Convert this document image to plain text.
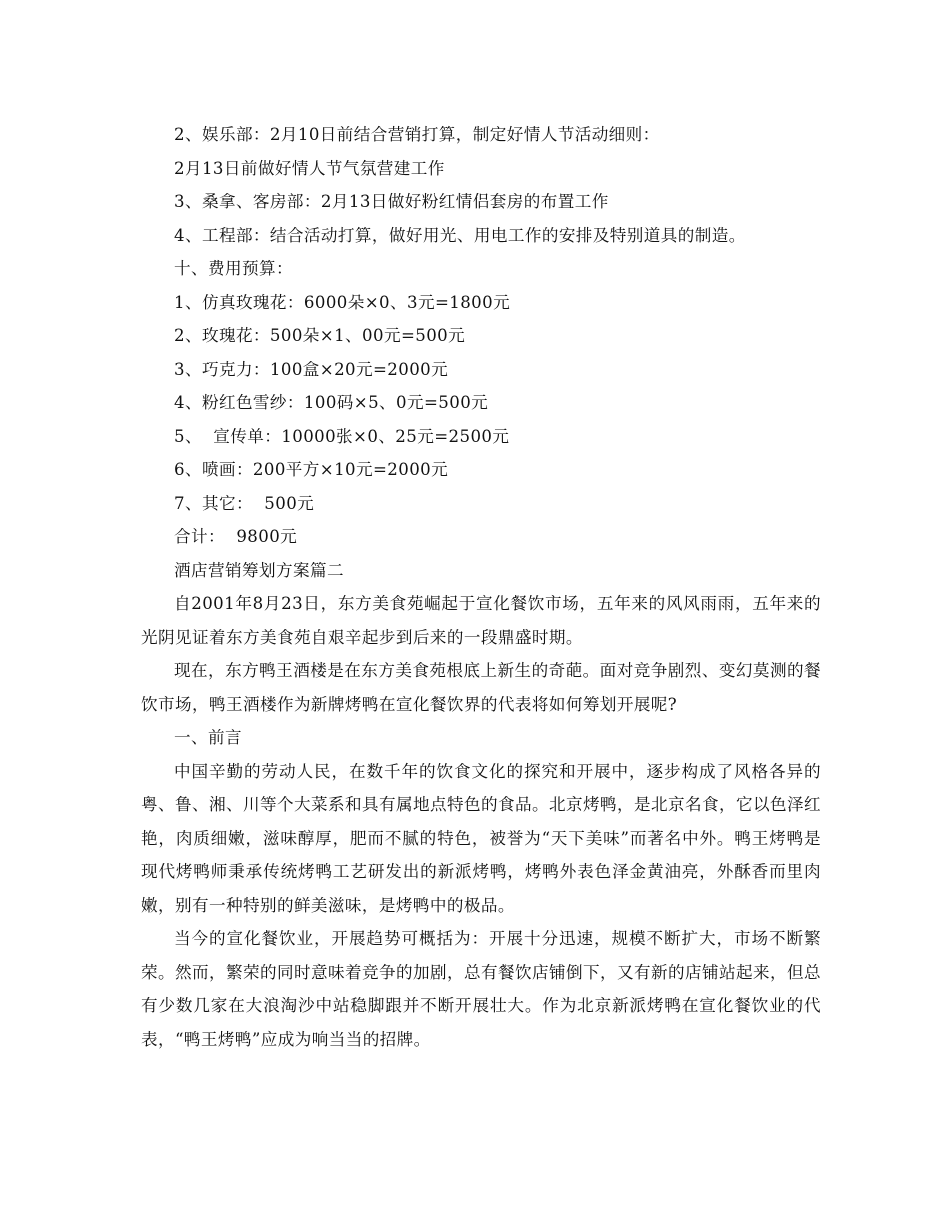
2、娱乐部：2月10日前结合营销打算，制定好情人节活动细则：
2月13日前做好情人节气氛营建工作
3、桑拿、客房部：2月13日做好粉红情侣套房的布置工作
4、工程部：结合活动打算，做好用光、用电工作的安排及特别道具的制造。
十、费用预算：
1、仿真玫瑰花：6000朵×0、3元=1800元
2、玫瑰花：500朵×1、00元=500元
3、巧克力：100盒×20元=2000元
4、粉红色雪纱：100码×5、0元=500元
5、  宣传单：10000张×0、25元=2500元
6、喷画：200平方×10元=2000元
7、其它：  500元
合计：  9800元
酒店营销筹划方案篇二

自2001年8月23日，东方美食苑崛起于宣化餐饮市场，五年来的风风雨雨，五年来的光阴见证着东方美食苑自艰辛起步到后来的一段鼎盛时期。

现在，东方鸭王酒楼是在东方美食苑根底上新生的奇葩。面对竞争剧烈、变幻莫测的餐饮市场，鸭王酒楼作为新牌烤鸭在宣化餐饮界的代表将如何筹划开展呢?

一、前言

中国辛勤的劳动人民，在数千年的饮食文化的探究和开展中，逐步构成了风格各异的粤、鲁、湘、川等个大菜系和具有属地点特色的食品。北京烤鸭，是北京名食，它以色泽红艳，肉质细嫩，滋味醇厚，肥而不腻的特色，被誉为“天下美味”而著名中外。鸭王烤鸭是现代烤鸭师秉承传统烤鸭工艺研发出的新派烤鸭，烤鸭外表色泽金黄油亮，外酥香而里肉嫩，别有一种特别的鲜美滋味，是烤鸭中的极品。

当今的宣化餐饮业，开展趋势可概括为：开展十分迅速，规模不断扩大，市场不断繁荣。然而，繁荣的同时意味着竞争的加剧，总有餐饮店铺倒下，又有新的店铺站起来，但总有少数几家在大浪淘沙中站稳脚跟并不断开展壮大。作为北京新派烤鸭在宣化餐饮业的代表，“鸭王烤鸭”应成为响当当的招牌。
